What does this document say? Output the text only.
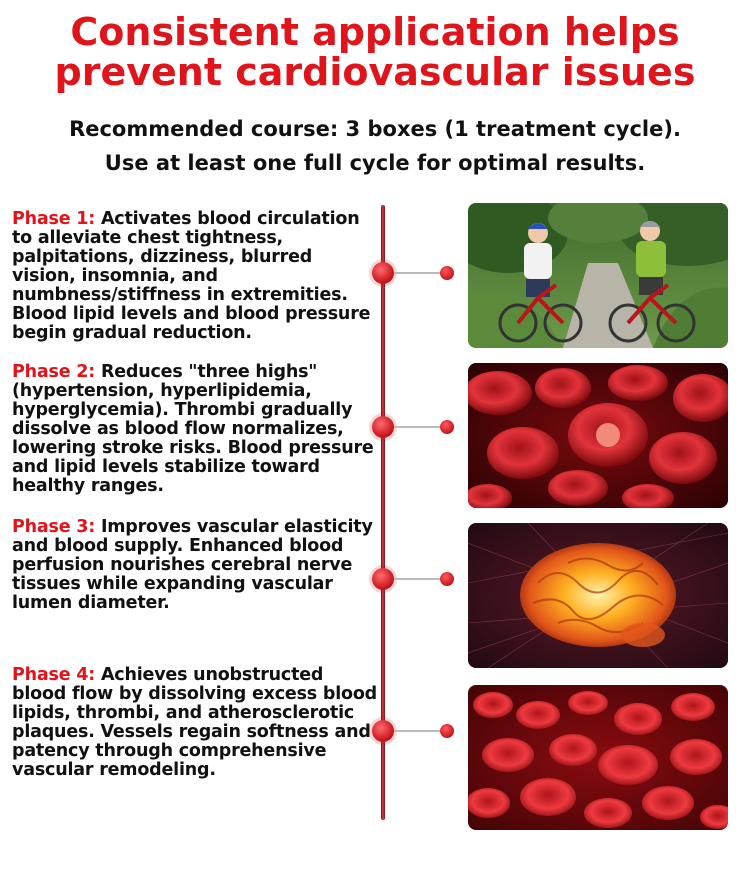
Consistent application helps
prevent cardiovascular issues
Recommended course: 3 boxes (1 treatment cycle).
Use at least one full cycle for optimal results.
Phase 1: Activates blood circulation to alleviate chest tightness, palpitations, dizziness, blurred vision, insomnia, and numbness/stiffness in extremities. Blood lipid levels and blood pressure begin gradual reduction.
Phase 2: Reduces "three highs" (hypertension, hyperlipidemia, hyperglycemia). Thrombi gradually dissolve as blood flow normalizes, lowering stroke risks. Blood pressure and lipid levels stabilize toward healthy ranges.
Phase 3: Improves vascular elasticity and blood supply. Enhanced blood perfusion nourishes cerebral nerve tissues while expanding vascular lumen diameter.
Phase 4: Achieves unobstructed blood flow by dissolving excess blood lipids, thrombi, and atherosclerotic plaques. Vessels regain softness and patency through comprehensive vascular remodeling.
